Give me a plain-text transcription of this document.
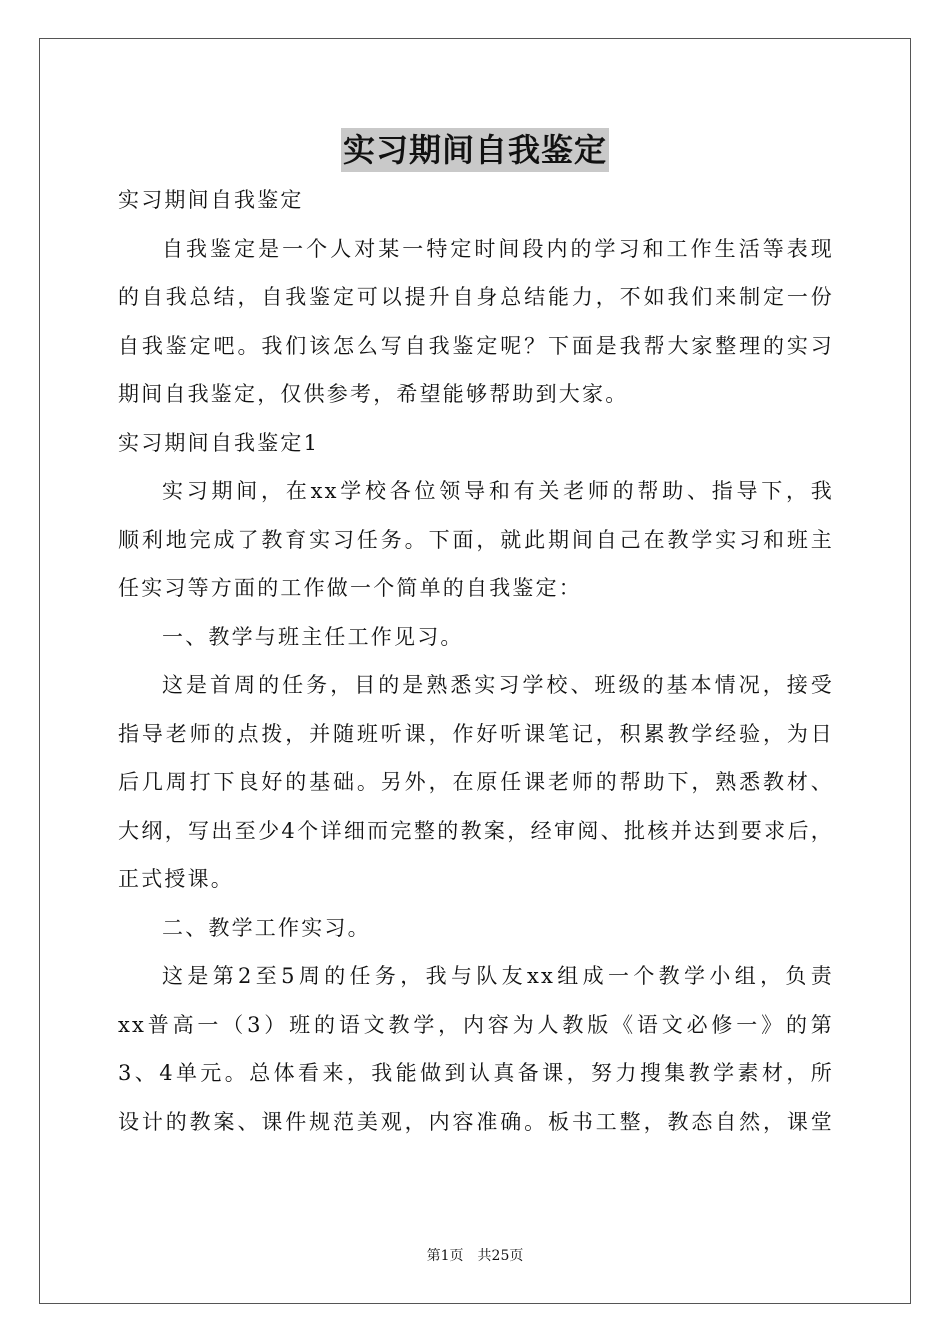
实习期间自我鉴定
实习期间自我鉴定
自我鉴定是一个人对某一特定时间段内的学习和工作生活等表现
的自我总结，自我鉴定可以提升自身总结能力，不如我们来制定一份
自我鉴定吧。我们该怎么写自我鉴定呢？下面是我帮大家整理的实习
期间自我鉴定，仅供参考，希望能够帮助到大家。
实习期间自我鉴定1
实习期间，在xx学校各位领导和有关老师的帮助、指导下，我
顺利地完成了教育实习任务。下面，就此期间自己在教学实习和班主
任实习等方面的工作做一个简单的自我鉴定：
一、教学与班主任工作见习。
这是首周的任务，目的是熟悉实习学校、班级的基本情况，接受
指导老师的点拨，并随班听课，作好听课笔记，积累教学经验，为日
后几周打下良好的基础。另外，在原任课老师的帮助下，熟悉教材、
大纲，写出至少4个详细而完整的教案，经审阅、批核并达到要求后，
正式授课。
二、教学工作实习。
这是第2至5周的任务，我与队友xx组成一个教学小组，负责
xx普高一（3）班的语文教学，内容为人教版《语文必修一》的第
3、4单元。总体看来，我能做到认真备课，努力搜集教学素材，所
设计的教案、课件规范美观，内容准确。板书工整，教态自然，课堂
第1页 共25页
